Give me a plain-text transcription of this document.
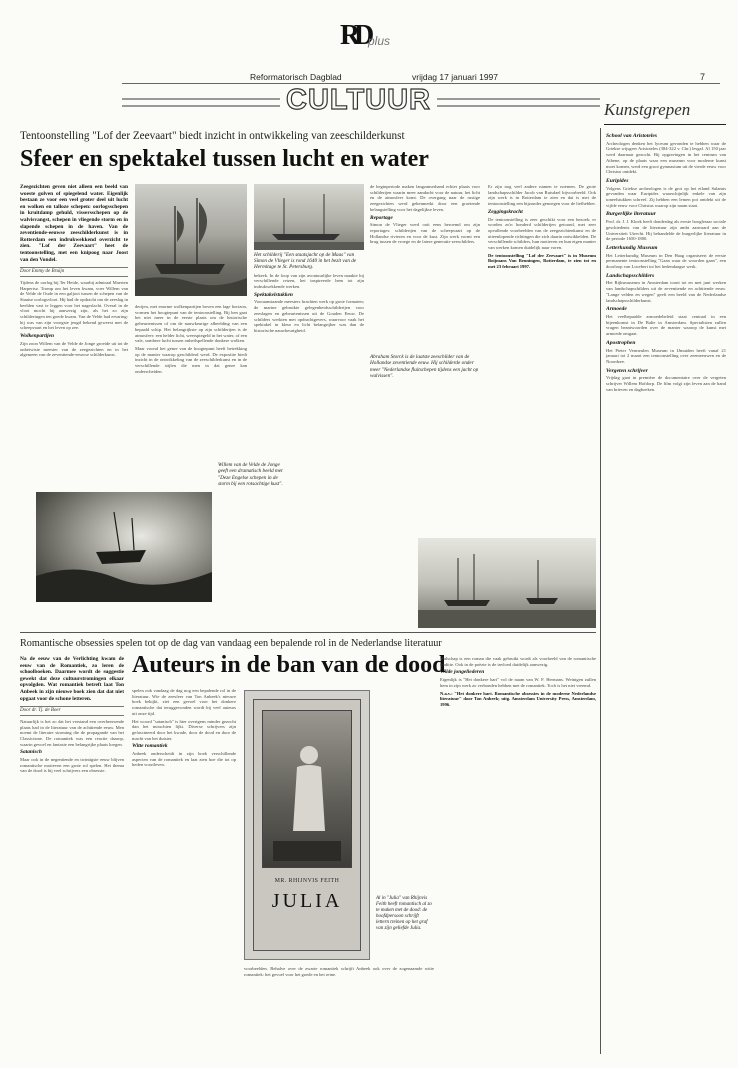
R
D
plus
Reformatorisch Dagblad	vrijdag 17 januari 1997	7
CULTUUR	Kunstgrepen
Tentoonstelling "Lof der Zeevaart" biedt inzicht in ontwikkeling van zeeschilderkunst
Sfeer en spektakel tussen lucht en water

Zeegezichten geven niet alleen een beeld van woeste golven of spiegelend water. Eigenlijk bestaan ze voor een veel groter deel uit lucht en wolken en talloze schepen: oorlogsschepen in kruitdamp gehuld, vissersschepen op de walvisvangst, schepen in vliegende storm en in slapende schepen in de haven. Van de zeventiende-eeuwse zeeschilderkunst is in Rotterdam een indrukwekkend overzicht te zien. "Lof der Zeevaart" heet de tentoonstelling, met een knipoog naar Joost van den Vondel.

Door Emmy de Bruijn

Tijdens de oorlog bij Ter Heide, waarbij admiraal Maerten Harpertsz. Tromp om het leven kwam, voer Willem van de Velde de Oude in een galjoot tussen de schepen van de Staatse oorlogsvloot. Hij had de opdracht om de zeeslag in beelden vast te leggen voor het nageslacht. Overal in de vloot mocht hij aanwezig zijn, als het zo zijn schilderingen ten goede kwam. Van de Velde had ervaring: hij was van zijn vroegste jeugd bekend geweest met de scheepvaart en het leven op zee.

Wolkenpartijen

Zijn zoon Willem van de Velde de Jonge groeide uit tot de onbetwiste meester van de zeegezichten en in het algemeen van de zeventiende-eeuwse schilderkunst.

derijen, met enorme wolkenpartijen boven een lage horizon, vormen het hoogtepunt van de tentoonstelling. Bij hen gaat het niet meer in de eerste plaats om de historische gebeurtenissen of om de nauwkeurige afbeelding van een bepaald schip. Het belangrijkste op zijn schilderijen is de atmosfeer: een helder licht, weerspiegeld in het water, of een vale, sombere lucht tussen onheilspellende donkere wolken.

Maar vooral het genre van de hoogtepunt heeft betrekking op de manier waarop geschilderd werd. De expositie biedt inzicht in de ontwikkeling van de zeeschilderkunst en in de verschillende stijlen die men in dat genre kan onderscheiden.

Het schilderij "Een staatsjacht op de Maas" van Simon de Vlieger is rond 1640 in het bezit van de Hermitage te St. Petersburg.

bekeek. In de loop van zijn avontuurlijke leven maakte hij verschillende reizen, het inspireerde hem tot zijn indrukwekkende werken.

Spektakelstukken

Vooraanstaande meesters brachten werk op grote formaten; de marine gebruikte gelegenheidsschilderijen voor zeeslagen en gebeurtenissen uit de Gouden Eeuw. De schilders werkten met opdrachtgevers, waarvoor vaak het spektakel in kleur en licht belangrijker was dan de historische nauwkeurigheid.

de beginperiode maken langzamerhand echter plaats voor schilderijen waarin meer aandacht voor de natuur, het licht en de atmosfeer komt. De overgang naar de rustige zeegezichten werd gekenmerkt door een groeiende belangstelling voor het dagelijkse leven.

Reportage

Simon de Vlieger werd ooit eens beroemd om zijn reportages: schilderijen van de scheepvaart op de Hollandse rivieren en voor de kust. Zijn werk vormt een brug tussen de vroege en de latere generatie zeeschilders.

Er zijn nog veel andere namen te noemen. De grote landschapsschilder Jacob van Ruisdael bijvoorbeeld. Ook zijn werk is in Rotterdam te zien en dat is met de tentoonstelling een bijzonder genoegen voor de liefhebber.

Zeggingskracht

De tentoonstelling is zeer geschikt voor een bezoek: er worden zo'n honderd schilderijen getoond, met zeer opvallende voorbeelden van de zeegezichtenkunst en de uiteenlopende richtingen die zich daarin ontwikkelden. De verschillende schilders, hun motieven en hun eigen manier van werken komen duidelijk naar voren.

De tentoonstelling "Lof der Zeevaart" is in Museum Boijmans Van Beuningen, Rotterdam, te zien tot en met 23 februari 1997.

Willem van de Velde de Jonge geeft een dramatisch beeld met "Deze Engelse schepen in de storm bij een rotsachtige kust".
Abraham Storck is de laatste zeeschilder van de Hollandse zeventiende eeuw. Hij schilderde onder meer "Nederlandse fluitschepen tijdens een jacht op walvissen".
Romantische obsessies spelen tot op de dag van vandaag een bepalende rol in de Nederlandse literatuur

Na de eeuw van de Verlichting kwam de eeuw van de Romantiek, zo leren de schoolboeken. Daarmee wordt de suggestie gewekt dat deze cultuurstromingen elkaar opvolgden. Wat romantiek betreft laat Ton Anbeek in zijn nieuwe boek zien dat dat niet opgaat voor de schone letteren.

Door dr. Tj. de Boer

Natuurlijk is het zo dat het verstand een overheersende plaats had in de literatuur van de achttiende eeuw. Men noemt de literaire stroming die de propagande van het Classicisme. De romantiek was een reactie daarop, waarin gevoel en fantasie een belangrijke plaats kregen.

Satanisch

Maar ook in de negentiende en twintigste eeuw blijven romantische motieven een grote rol spelen. Het thema van de dood is bij veel schrijvers een obsessie.

Auteurs in de ban van de dood

spelen ook vandaag de dag nog een bepalende rol in de literatuur. Wie de zeesfeer van Ton Anbeek's nieuwe boek bekijkt, ziet een gevoel voor het donkere romantische dat teruggevonden wordt bij veel auteurs uit onze tijd.

Het woord "satanisch" is hier overigens minder gezocht dan het misschien lijkt. Diverse schrijvers zijn gefascineerd door het kwade, door de dood en door de macht van het duister.

Witte romantiek

Anbeek onderscheidt in zijn boek verschillende aspecten van de romantiek en laat zien hoe die tot op heden voortleven.

MR. RHIJNVIS FEITH
JULIA	Al in "Julia" van Rhijnvis Feith heeft romantisch al zo te maken met de dood: de hoofdpersoon schrijft lettern treinen op het graf van zijn geliefde Julia.

voorbeelden. Behalve over de zwarte romantiek schrijft Anbeek ook over de zogenaamde witte romantiek: het gevoel voor het goede en het reine.

Walschap is een roman die vaak gebruikt wordt als voorbeeld van de romantische traditie. Ook in de poëzie is de invloed duidelijk aanwezig.

Wilde jongeliederen

Eigenlijk is "Het donkere hart" vol de naam van W. F. Hermans. Weinigen zullen hem in zijn werk zo verbonden hebben met de romantiek. Toch is het niet vreemd.

N.a.v.: "Het donkere hart. Romantische obsessies in de moderne Nederlandse literatuur" door Ton Anbeek; uitg. Amsterdam University Press, Amsterdam, 1996.

School van Aristoteles

Archeologen denken het lyceum gevonden te hebben waar de Griekse wijsgeer Aristoteles (384-322 v. Chr.) lesgaf. Al 150 jaar werd daarnaar gezocht. Bij opgravingen in het centrum van Athene, op de plaats waar een museum voor moderne kunst moet komen, werd een groot gymnasium uit de vierde eeuw voor Christus ontdekt.

Euripides

Volgens Griekse archeologen is de grot op het eiland Salamis gevonden waar Euripides waarschijnlijk enkele van zijn toneelstukken schreef. Zij hebben een lemen pot ontdekt uit de vijfde eeuw voor Christus waarop zijn naam staat.

Burgerlijke literatuur

Prof. dr. J. J. Kloek heeft donderdag als eerste hoogleraar sociale geschiedenis van de literatuur zijn ambt aanvaard aan de Universiteit Utrecht. Hij behandelde de burgerlijke literatuur in de periode 1650-1800.

Letterkundig Museum

Het Letterkundig Museum in Den Haag organiseert de eerste permanente tentoonstelling "Gaan waar de woorden gaan", een doorloop van Lucebert tot het hedendaagse werk.

Landschapsschilders

Het Rijksmuseum in Amsterdam toont tot en met juni werken van landschapschilders uit de zeventiende en achttiende eeuw. "Lange velden en wegen" geeft een beeld van de Nederlandse landschapsschilderkunst.

Armoede

Het veelbepaalde armoedebeleid staat centraal in een bijeenkomst in De Balie in Amsterdam. Specialisten zullen vragen beantwoorden over de manier waarop de kunst met armoede omgaat.

Apostrophen

Het Pieter Vermeulen Museum in IJmuiden heeft vanaf 21 januari tot 2 maart een tentoonstelling over zeemeeuwen en de Noordzee.

Vergeten schrijver

Vrijdag gaat in première de documentaire over de vergeten schrijver Willem Hofdorp. De film volgt zijn leven aan de hand van brieven en dagboeken.
